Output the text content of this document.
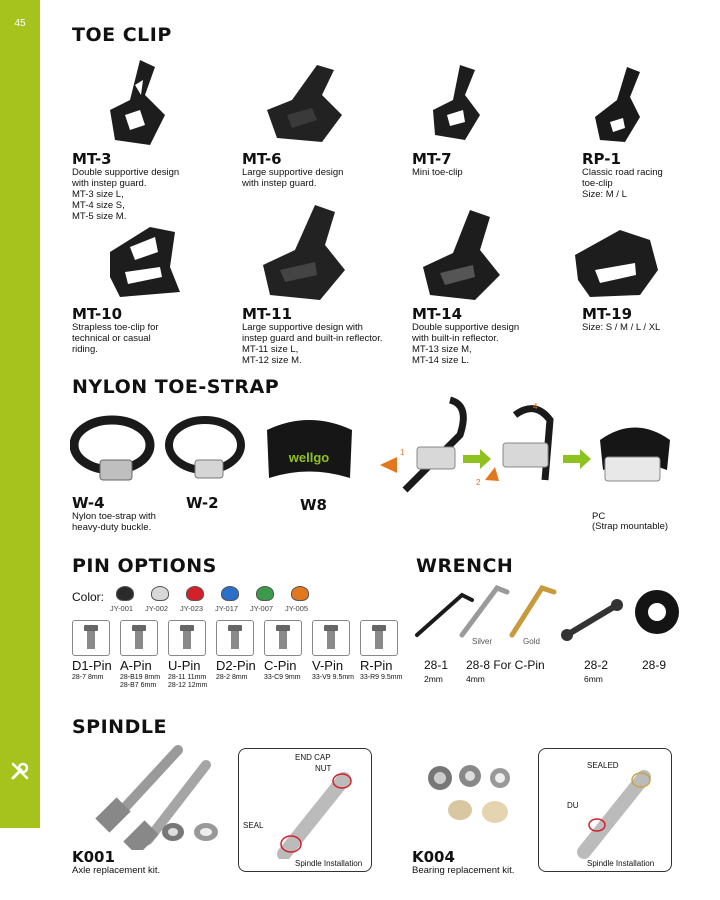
45
TOE CLIP
MT-3
Double supportive design
with instep guard.
MT-3 size L,
MT-4 size S,
MT-5 size M.
MT-6
Large supportive design
with instep guard.
MT-7
Mini toe-clip
RP-1
Classic road racing
toe-clip
Size: M / L
MT-10
Strapless toe-clip for
technical or casual
riding.
MT-11
Large supportive design with
instep guard and built-in reflector.
MT-11 size L,
MT-12 size M.
MT-14
Double supportive design
with built-in reflector.
MT-13 size M,
MT-14 size L.
MT-19
Size: S / M / L / XL
NYLON TOE-STRAP
wellgo
W-4
Nylon toe-strap with
heavy-duty buckle.
W-2	W8
1
2
4
PC
(Strap mountable)
PIN OPTIONS
Color:
JY-001 JY-002 JY-023 JY-017 JY-007 JY-005
D1-Pin
28-7 8mm
A-Pin
28-B19 8mm
28-B7 6mm
U-Pin
28-11 11mm
28-12 12mm
D2-Pin
28-2 8mm
C-Pin
33-C9 9mm
V-Pin
33-V9 9.5mm
R-Pin
33-R9 9.5mm
WRENCH
Silver	Gold
28-1
2mm
28-8 For C-Pin
4mm
28-2
6mm
28-9
SPINDLE
K001
Axle replacement kit.
END CAP
NUT
SEAL
Spindle Installation	K004
Bearing replacement kit.
SEALED
DU
Spindle Installation
